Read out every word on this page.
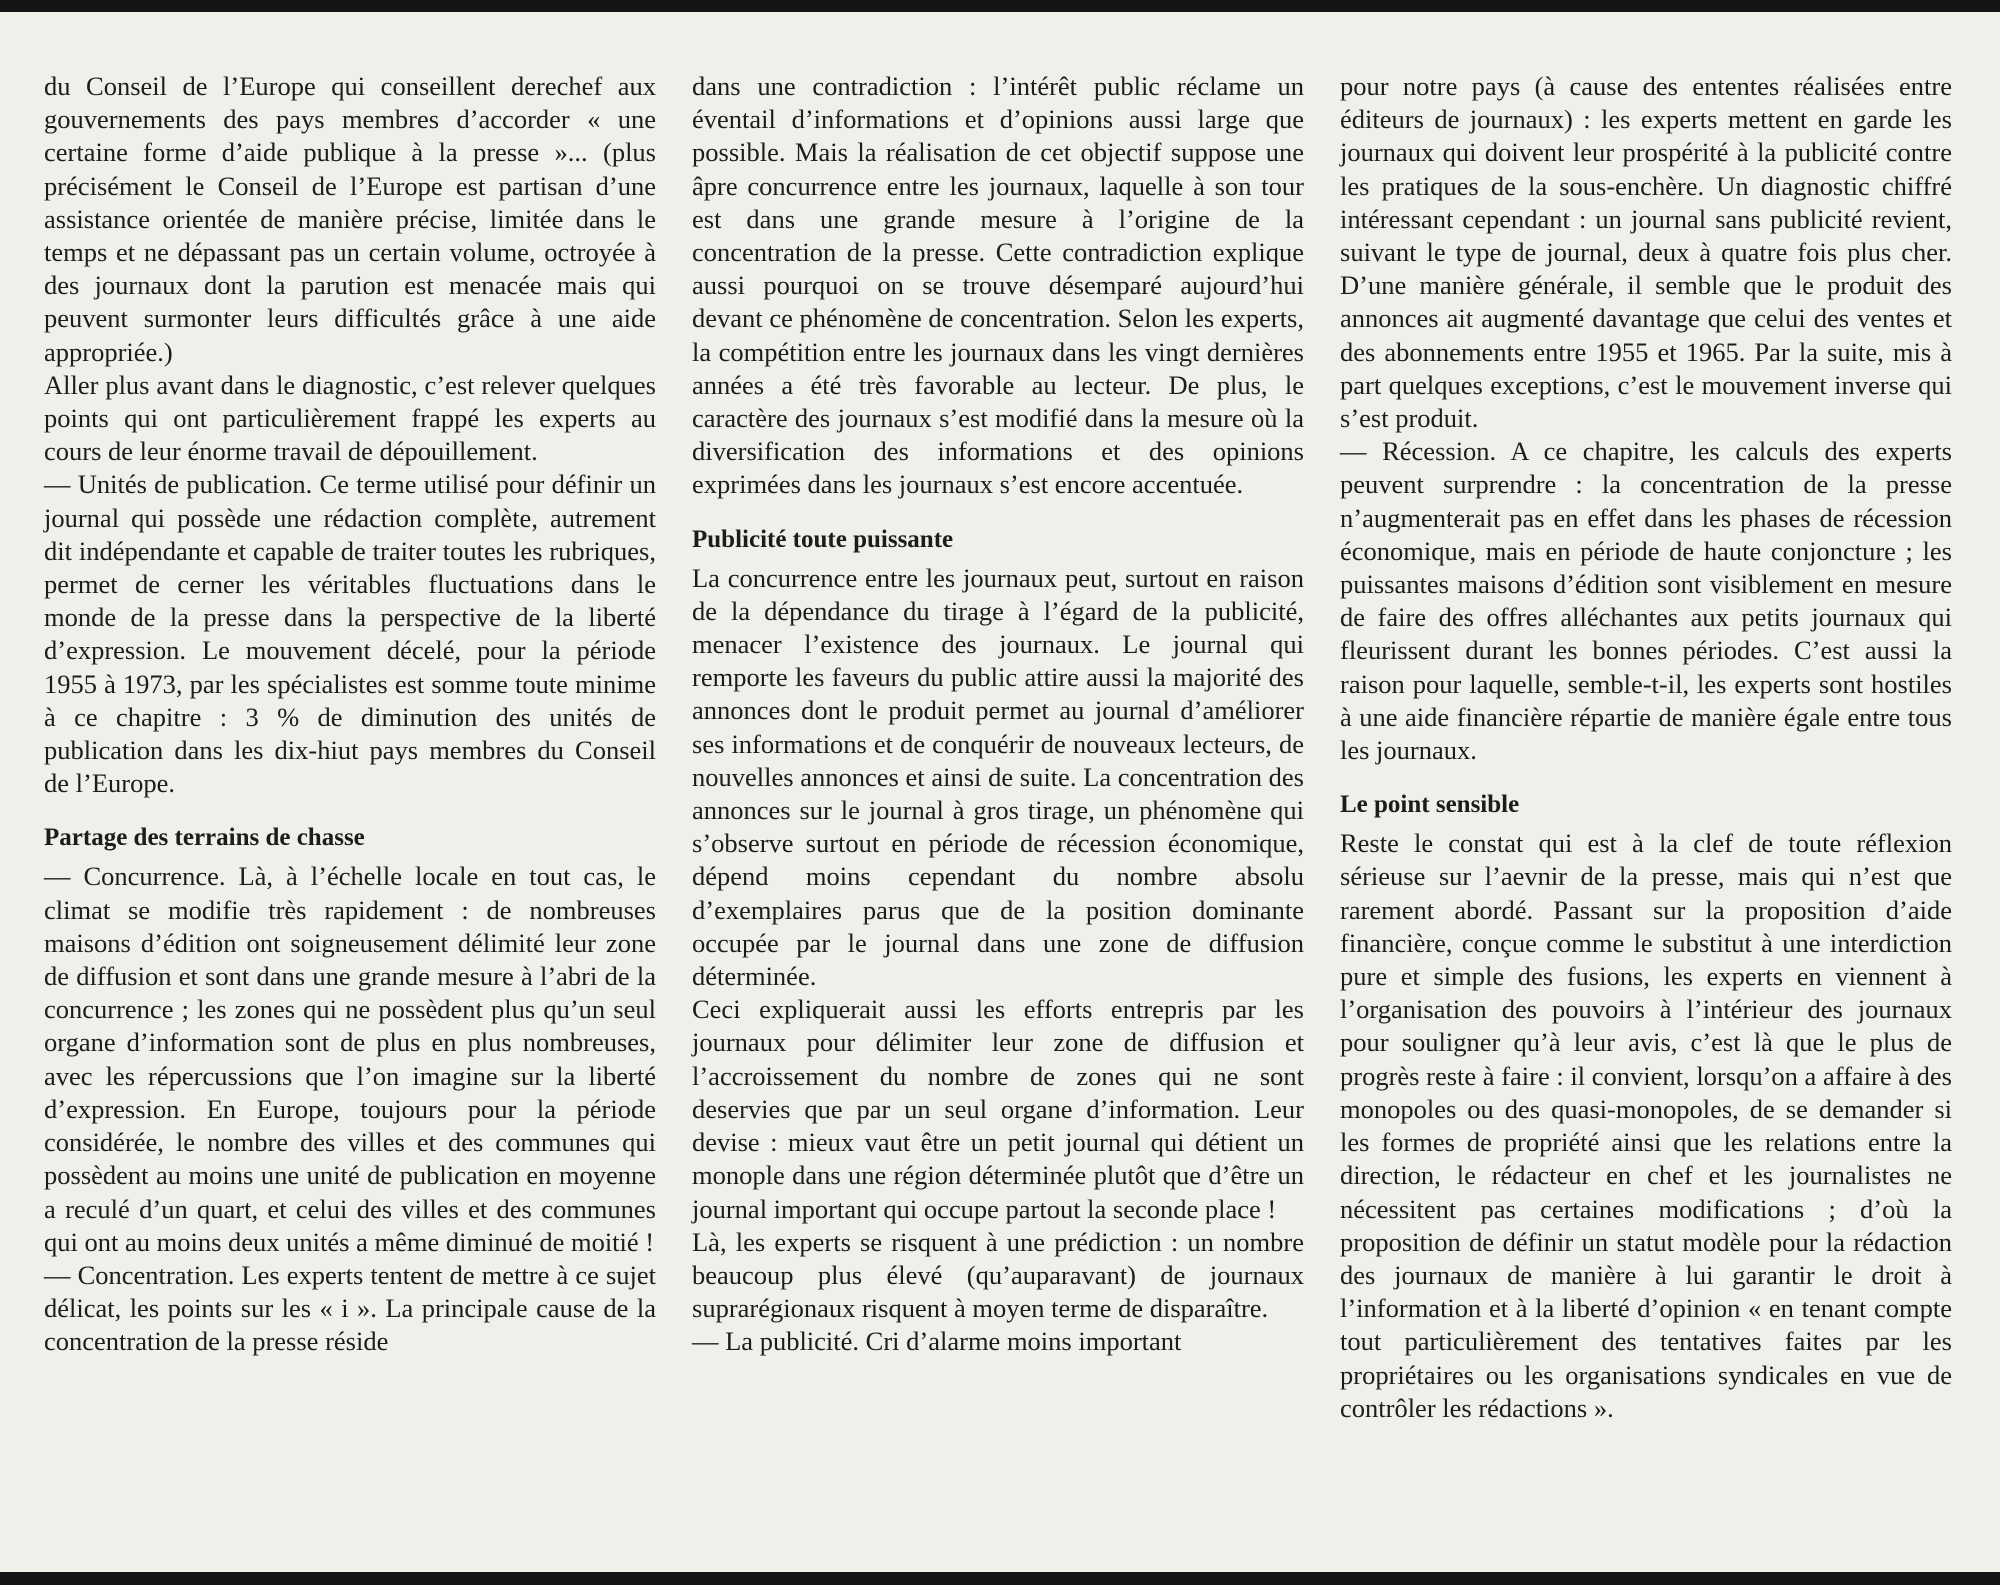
du Conseil de l’Europe qui conseillent derechef aux gouvernements des pays membres d’accorder « une certaine forme d’aide publique à la presse »... (plus précisément le Conseil de l’Europe est partisan d’une assistance orientée de manière précise, limitée dans le temps et ne dépassant pas un certain volume, octroyée à des journaux dont la parution est menacée mais qui peuvent surmonter leurs difficultés grâce à une aide appropriée.)

Aller plus avant dans le diagnostic, c’est relever quelques points qui ont particulièrement frappé les experts au cours de leur énorme travail de dépouillement.

— Unités de publication. Ce terme utilisé pour définir un journal qui possède une rédaction complète, autrement dit indépendante et capable de traiter toutes les rubriques, permet de cerner les véritables fluctuations dans le monde de la presse dans la perspective de la liberté d’expression. Le mouvement décelé, pour la période 1955 à 1973, par les spécialistes est somme toute minime à ce chapitre : 3 % de diminution des unités de publication dans les dix-hiut pays membres du Conseil de l’Europe.

Partage des terrains de chasse

— Concurrence. Là, à l’échelle locale en tout cas, le climat se modifie très rapidement : de nombreuses maisons d’édition ont soigneusement délimité leur zone de diffusion et sont dans une grande mesure à l’abri de la concurrence ; les zones qui ne possèdent plus qu’un seul organe d’information sont de plus en plus nombreuses, avec les répercussions que l’on imagine sur la liberté d’expression. En Europe, toujours pour la période considérée, le nombre des villes et des communes qui possèdent au moins une unité de publication en moyenne a reculé d’un quart, et celui des villes et des communes qui ont au moins deux unités a même diminué de moitié !

— Concentration. Les experts tentent de mettre à ce sujet délicat, les points sur les « i ». La principale cause de la concentration de la presse réside

dans une contradiction : l’intérêt public réclame un éventail d’informations et d’opinions aussi large que possible. Mais la réalisation de cet objectif suppose une âpre concurrence entre les journaux, laquelle à son tour est dans une grande mesure à l’origine de la concentration de la presse. Cette contradiction explique aussi pourquoi on se trouve désemparé aujourd’hui devant ce phénomène de concentration. Selon les experts, la compétition entre les journaux dans les vingt dernières années a été très favorable au lecteur. De plus, le caractère des journaux s’est modifié dans la mesure où la diversification des informations et des opinions exprimées dans les journaux s’est encore accentuée.

Publicité toute puissante

La concurrence entre les journaux peut, surtout en raison de la dépendance du tirage à l’égard de la publicité, menacer l’existence des journaux. Le journal qui remporte les faveurs du public attire aussi la majorité des annonces dont le produit permet au journal d’améliorer ses informations et de conquérir de nouveaux lecteurs, de nouvelles annonces et ainsi de suite. La concentration des annonces sur le journal à gros tirage, un phénomène qui s’observe surtout en période de récession économique, dépend moins cependant du nombre absolu d’exemplaires parus que de la position dominante occupée par le journal dans une zone de diffusion déterminée.

Ceci expliquerait aussi les efforts entrepris par les journaux pour délimiter leur zone de diffusion et l’accroissement du nombre de zones qui ne sont deservies que par un seul organe d’information. Leur devise : mieux vaut être un petit journal qui détient un monople dans une région déterminée plutôt que d’être un journal important qui occupe partout la seconde place !

Là, les experts se risquent à une prédiction : un nombre beaucoup plus élevé (qu’auparavant) de journaux suprarégionaux risquent à moyen terme de disparaître.

— La publicité. Cri d’alarme moins important

pour notre pays (à cause des ententes réalisées entre éditeurs de journaux) : les experts mettent en garde les journaux qui doivent leur prospérité à la publicité contre les pratiques de la sous-enchère. Un diagnostic chiffré intéressant cependant : un journal sans publicité revient, suivant le type de journal, deux à quatre fois plus cher. D’une manière générale, il semble que le produit des annonces ait augmenté davantage que celui des ventes et des abonnements entre 1955 et 1965. Par la suite, mis à part quelques exceptions, c’est le mouvement inverse qui s’est produit.

— Récession. A ce chapitre, les calculs des experts peuvent surprendre : la concentration de la presse n’augmenterait pas en effet dans les phases de récession économique, mais en période de haute conjoncture ; les puissantes maisons d’édition sont visiblement en mesure de faire des offres alléchantes aux petits journaux qui fleurissent durant les bonnes périodes. C’est aussi la raison pour laquelle, semble-t-il, les experts sont hostiles à une aide financière répartie de manière égale entre tous les journaux.

Le point sensible

Reste le constat qui est à la clef de toute réflexion sérieuse sur l’aevnir de la presse, mais qui n’est que rarement abordé. Passant sur la proposition d’aide financière, conçue comme le substitut à une interdiction pure et simple des fusions, les experts en viennent à l’organisation des pouvoirs à l’intérieur des journaux pour souligner qu’à leur avis, c’est là que le plus de progrès reste à faire : il convient, lorsqu’on a affaire à des monopoles ou des quasi-monopoles, de se demander si les formes de propriété ainsi que les relations entre la direction, le rédacteur en chef et les journalistes ne nécessitent pas certaines modifications ; d’où la proposition de définir un statut modèle pour la rédaction des journaux de manière à lui garantir le droit à l’information et à la liberté d’opinion « en tenant compte tout particulièrement des tentatives faites par les propriétaires ou les organisations syndicales en vue de contrôler les rédactions ».
